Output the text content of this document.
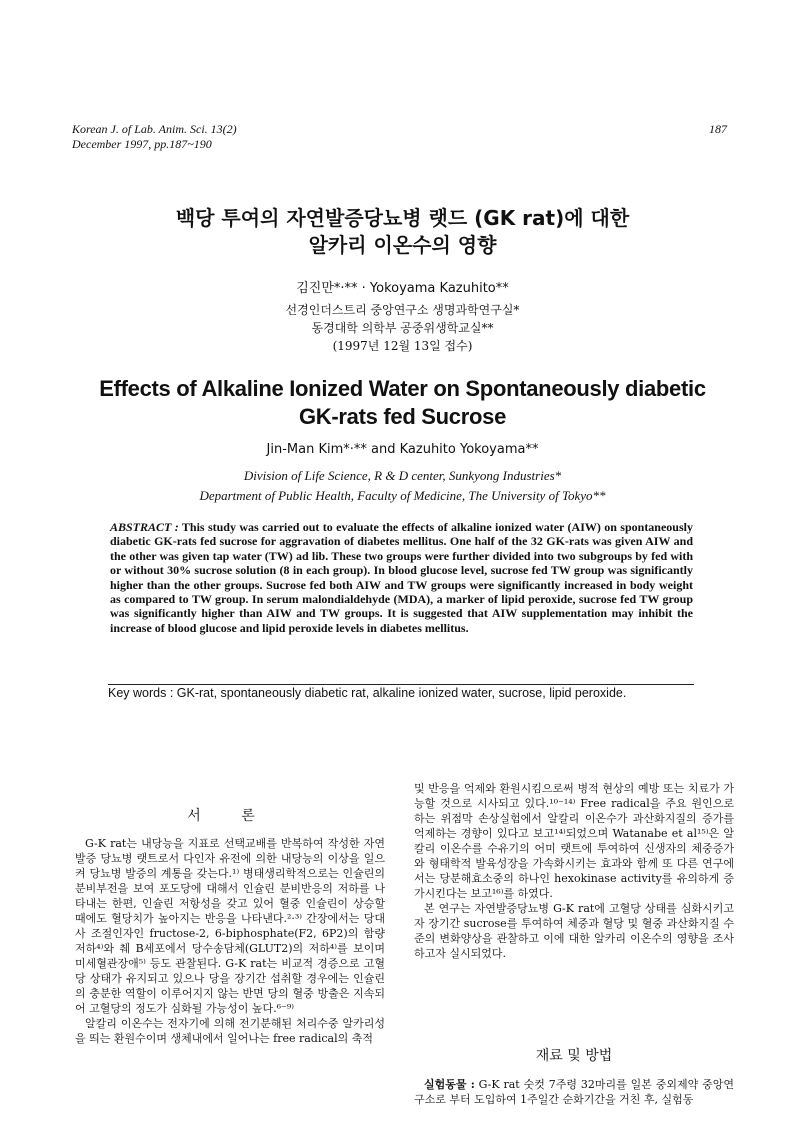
Korean J. of Lab. Anim. Sci. 13(2)
December 1997, pp.187~190
187
백당 투여의 자연발증당뇨병 랫드 (GK rat)에 대한
알카리 이온수의 영향
김진만*·** · Yokoyama Kazuhito**
선경인더스트리 중앙연구소 생명과학연구실*
동경대학 의학부 공중위생학교실**
(1997년 12월 13일 접수)
Effects of Alkaline Ionized Water on Spontaneously diabetic
GK-rats fed Sucrose
Jin-Man Kim*·** and Kazuhito Yokoyama**
Division of Life Science, R & D center, Sunkyong Industries*
Department of Public Health, Faculty of Medicine, The University of Tokyo**

ABSTRACT : This study was carried out to evaluate the effects of alkaline ionized water (AIW) on spontaneously diabetic GK-rats fed sucrose for aggravation of diabetes mellitus. One half of the 32 GK-rats was given AIW and the other was given tap water (TW) ad lib. These two groups were further divided into two subgroups by fed with or without 30% sucrose solution (8 in each group). In blood glucose level, sucrose fed TW group was significantly higher than the other groups. Sucrose fed both AIW and TW groups were significantly increased in body weight as compared to TW group. In serum malondialdehyde (MDA), a marker of lipid peroxide, sucrose fed TW group was significantly higher than AIW and TW groups. It is suggested that AIW supplementation may inhibit the increase of blood glucose and lipid peroxide levels in diabetes mellitus.

Key words : GK-rat, spontaneously diabetic rat, alkaline ionized water, sucrose, lipid peroxide.
서 론

G-K rat는 내당능을 지표로 선택교배를 반복하여 작성한 자연발증 당뇨병 랫트로서 다인자 유전에 의한 내당능의 이상을 일으켜 당뇨병 발증의 계통을 갖는다.¹⁾ 병태생리학적으로는 인슐린의 분비부전을 보여 포도당에 대해서 인슐린 분비반응의 저하를 나타내는 한편, 인슐린 저항성을 갖고 있어 혈중 인슐린이 상승할 때에도 혈당치가 높아지는 반응을 나타낸다.²·³⁾ 간장에서는 당대사 조절인자인 fructose-2, 6-biphosphate(F2, 6P2)의 함량 저하⁴⁾와 췌 B세포에서 당수송담체(GLUT2)의 저하⁴⁾를 보이며 미세혈관장애⁵⁾ 등도 관찰된다. G-K rat는 비교적 경증으로 고혈당 상태가 유지되고 있으나 당을 장기간 섭취할 경우에는 인슐린의 충분한 역할이 이루어지지 않는 반면 당의 혈중 방출은 지속되어 고혈당의 정도가 심화될 가능성이 높다.⁶⁻⁹⁾

알칼리 이온수는 전자기에 의해 전기분해된 처리수중 알카리성을 띄는 환원수이며 생체내에서 일어나는 free radical의 축적

및 반응을 억제와 환원시킴으로써 병적 현상의 예방 또는 치료가 가능할 것으로 시사되고 있다.¹⁰⁻¹⁴⁾ Free radical을 주요 원인으로 하는 위점막 손상실험에서 알칼리 이온수가 과산화지질의 증가를 억제하는 경향이 있다고 보고¹⁴⁾되었으며 Watanabe et al¹⁵⁾은 알칼리 이온수를 수유기의 어미 랫트에 투여하여 신생자의 체중증가와 형태학적 발육성장을 가속화시키는 효과와 함께 또 다른 연구에서는 당분해효소중의 하나인 hexokinase activity를 유의하게 증가시킨다는 보고¹⁶⁾를 하였다.

본 연구는 자연발증당뇨병 G-K rat에 고혈당 상태를 심화시키고자 장기간 sucrose를 투여하여 체중과 혈당 및 혈중 과산화지질 수준의 변화양상을 관찰하고 이에 대한 알카리 이온수의 영향을 조사하고자 실시되었다.

재료 및 방법

실험동물 : G-K rat 숫컷 7주령 32마리를 일본 중외제약 중앙연구소로 부터 도입하여 1주일간 순화기간을 거친 후, 실험동
